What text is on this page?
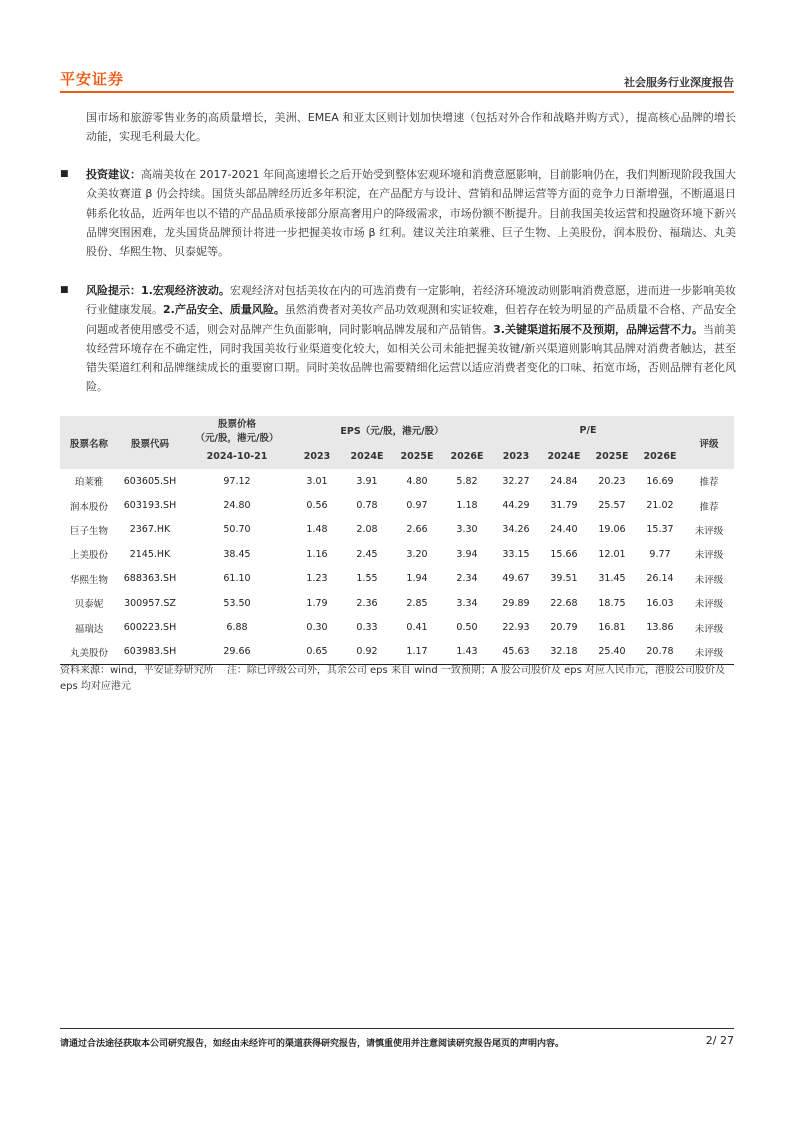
平安证券	社会服务行业深度报告
国市场和旅游零售业务的高质量增长，美洲、EMEA 和亚太区则计划加快增速（包括对外合作和战略并购方式），提高核心品牌的增长动能，实现毛利最大化。
■ 投资建议：高端美妆在 2017-2021 年间高速增长之后开始受到整体宏观环境和消费意愿影响，目前影响仍在，我们判断现阶段我国大众美妆赛道 β 仍会持续。国货头部品牌经历近多年积淀，在产品配方与设计、营销和品牌运营等方面的竞争力日渐增强，不断逼退日韩系化妆品，近两年也以不错的产品品质承接部分原高奢用户的降级需求，市场份额不断提升。目前我国美妆运营和投融资环境下新兴品牌突围困难，龙头国货品牌预计将进一步把握美妆市场 β 红利。建议关注珀莱雅、巨子生物、上美股份，润本股份、福瑞达、丸美股份、华熙生物、贝泰妮等。
■ 风险提示：1.宏观经济波动。宏观经济对包括美妆在内的可选消费有一定影响，若经济环境波动则影响消费意愿，进而进一步影响美妆行业健康发展。2.产品安全、质量风险。虽然消费者对美妆产品功效观测和实证较难，但若存在较为明显的产品质量不合格、产品安全问题或者使用感受不适，则会对品牌产生负面影响，同时影响品牌发展和产品销售。3.关键渠道拓展不及预期，品牌运营不力。当前美妆经营环境存在不确定性，同时我国美妆行业渠道变化较大，如相关公司未能把握美妆键/新兴渠道则影响其品牌对消费者触达，甚至错失渠道红利和品牌继续成长的重要窗口期。同时美妆品牌也需要精细化运营以适应消费者变化的口味、拓宽市场，否则品牌有老化风险。
股票名称	股票代码	股票价格
（元/股，港元/股）	EPS（元/股，港元/股）				P/E				评级
		2024-10-21	2023	2024E	2025E	2026E	2023	2024E	2025E	2026E	
珀莱雅	603605.SH	97.12	3.01	3.91	4.80	5.82	32.27	24.84	20.23	16.69	推荐
润本股份	603193.SH	24.80	0.56	0.78	0.97	1.18	44.29	31.79	25.57	21.02	推荐
巨子生物	2367.HK	50.70	1.48	2.08	2.66	3.30	34.26	24.40	19.06	15.37	未评级
上美股份	2145.HK	38.45	1.16	2.45	3.20	3.94	33.15	15.66	12.01	9.77	未评级
华熙生物	688363.SH	61.10	1.23	1.55	1.94	2.34	49.67	39.51	31.45	26.14	未评级
贝泰妮	300957.SZ	53.50	1.79	2.36	2.85	3.34	29.89	22.68	18.75	16.03	未评级
福瑞达	600223.SH	6.88	0.30	0.33	0.41	0.50	22.93	20.79	16.81	13.86	未评级
丸美股份	603983.SH	29.66	0.65	0.92	1.17	1.43	45.63	32.18	25.40	20.78	未评级
资料来源：wind，平安证券研究所　 注：除已评级公司外，其余公司 eps 来自 wind 一致预期；A 股公司股价及 eps 对应人民币元，港股公司股价及 eps 均对应港元
请通过合法途径获取本公司研究报告，如经由未经许可的渠道获得研究报告，请慎重使用并注意阅读研究报告尾页的声明内容。	2/ 27
